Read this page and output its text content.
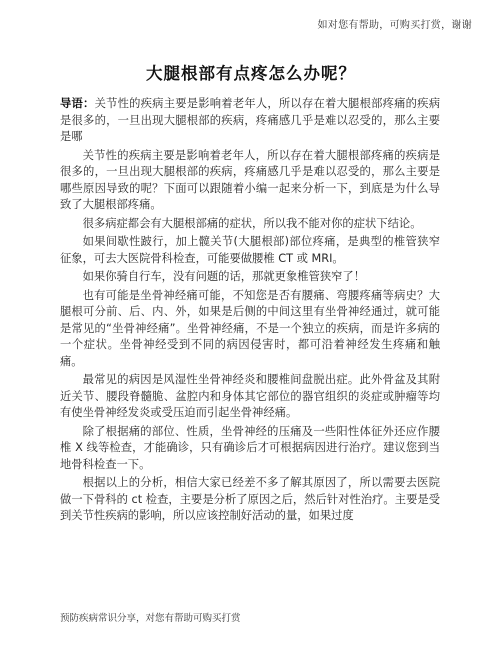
如对您有帮助，可购买打赏，谢谢
大腿根部有点疼怎么办呢？

导语：关节性的疾病主要是影响着老年人，所以存在着大腿根部疼痛的疾病是很多的，一旦出现大腿根部的疾病，疼痛感几乎是难以忍受的，那么主要是哪

关节性的疾病主要是影响着老年人，所以存在着大腿根部疼痛的疾病是很多的，一旦出现大腿根部的疾病，疼痛感几乎是难以忍受的，那么主要是哪些原因导致的呢？下面可以跟随着小编一起来分析一下，到底是为什么导致了大腿根部疼痛。

很多病症都会有大腿根部痛的症状，所以我不能对你的症状下结论。

如果间歇性跛行，加上髋关节(大腿根部)部位疼痛，是典型的椎管狭窄征象，可去大医院骨科检查，可能要做腰椎 CT 或 MRI。

如果你骑自行车，没有问题的话，那就更象椎管狭窄了！

也有可能是坐骨神经痛可能，不知您是否有腰痛、弯腰疼痛等病史？大腿根可分前、后、内、外，如果是后侧的中间这里有坐骨神经通过，就可能是常见的“坐骨神经痛”。坐骨神经痛，不是一个独立的疾病，而是许多病的一个症状。坐骨神经受到不同的病因侵害时，都可沿着神经发生疼痛和触痛。

最常见的病因是风湿性坐骨神经炎和腰椎间盘脱出症。此外骨盆及其附近关节、腰段脊髓脆、盆腔内和身体其它部位的器官组织的炎症或肿瘤等均有使坐骨神经发炎或受压迫而引起坐骨神经痛。

除了根据痛的部位、性质，坐骨神经的压痛及一些阳性体征外还应作腰椎 X 线等检查，才能确诊，只有确诊后才可根据病因进行治疗。建议您到当地骨科检查一下。

根据以上的分析，相信大家已经差不多了解其原因了，所以需要去医院做一下骨科的 ct 检查，主要是分析了原因之后，然后针对性治疗。主要是受到关节性疾病的影响，所以应该控制好活动的量，如果过度

预防疾病常识分享，对您有帮助可购买打赏
